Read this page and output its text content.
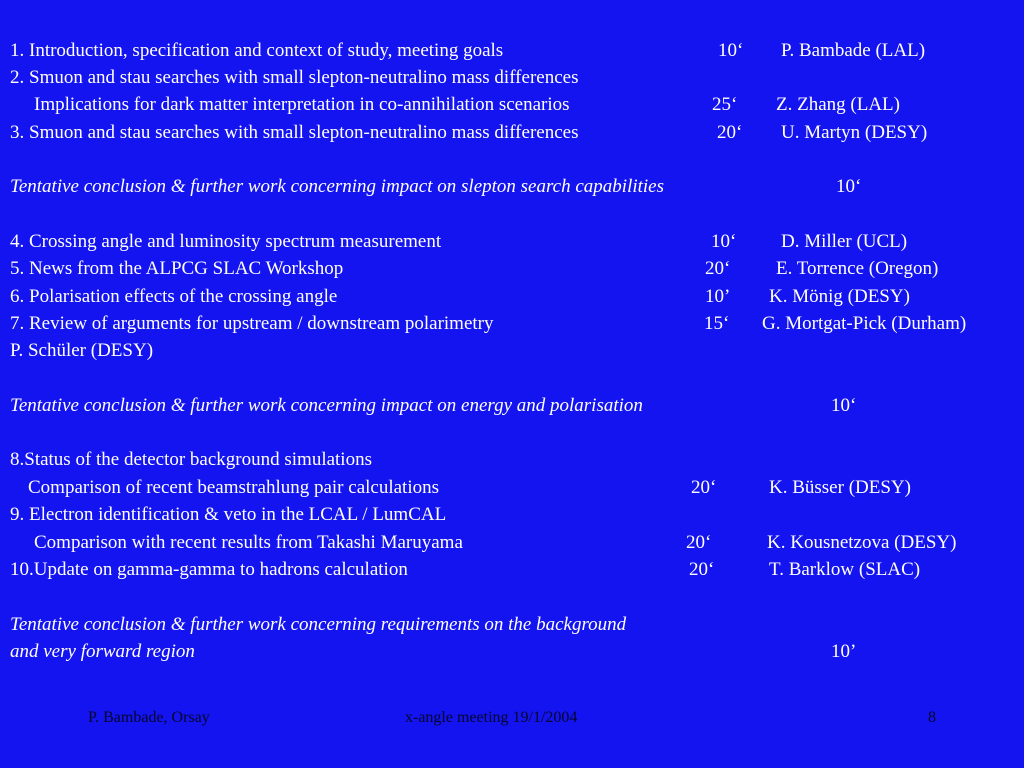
1. Introduction, specification and context of study, meeting goals	10‘ P. Bambade (LAL)
2. Smuon and stau searches with small slepton-neutralino mass differences
Implications for dark matter interpretation in co-annihilation scenarios	25‘ Z. Zhang (LAL)
3. Smuon and stau searches with small slepton-neutralino mass differences	20‘ U. Martyn (DESY)
Tentative conclusion & further work concerning impact on slepton search capabilities	10‘
4. Crossing angle and luminosity spectrum measurement	10‘ D. Miller (UCL)
5. News from the ALPCG SLAC Workshop	20‘ E. Torrence (Oregon)
6. Polarisation effects of the crossing angle	10’ K. Mönig (DESY)
7. Review of arguments for upstream / downstream polarimetry	15‘ G. Mortgat-Pick (Durham)
P. Schüler (DESY)
Tentative conclusion & further work concerning impact on energy and polarisation	10‘
8.Status of the detector background simulations
Comparison of recent beamstrahlung pair calculations	20‘	K. Büsser (DESY)
9. Electron identification & veto in the LCAL / LumCAL
Comparison with recent results from Takashi Maruyama	20‘	K. Kousnetzova (DESY)
10.Update on gamma-gamma to hadrons calculation	20‘	T. Barklow (SLAC)
Tentative conclusion & further work concerning requirements on the background
and very forward region	10’
P. Bambade, Orsay	x-angle meeting 19/1/2004	8
